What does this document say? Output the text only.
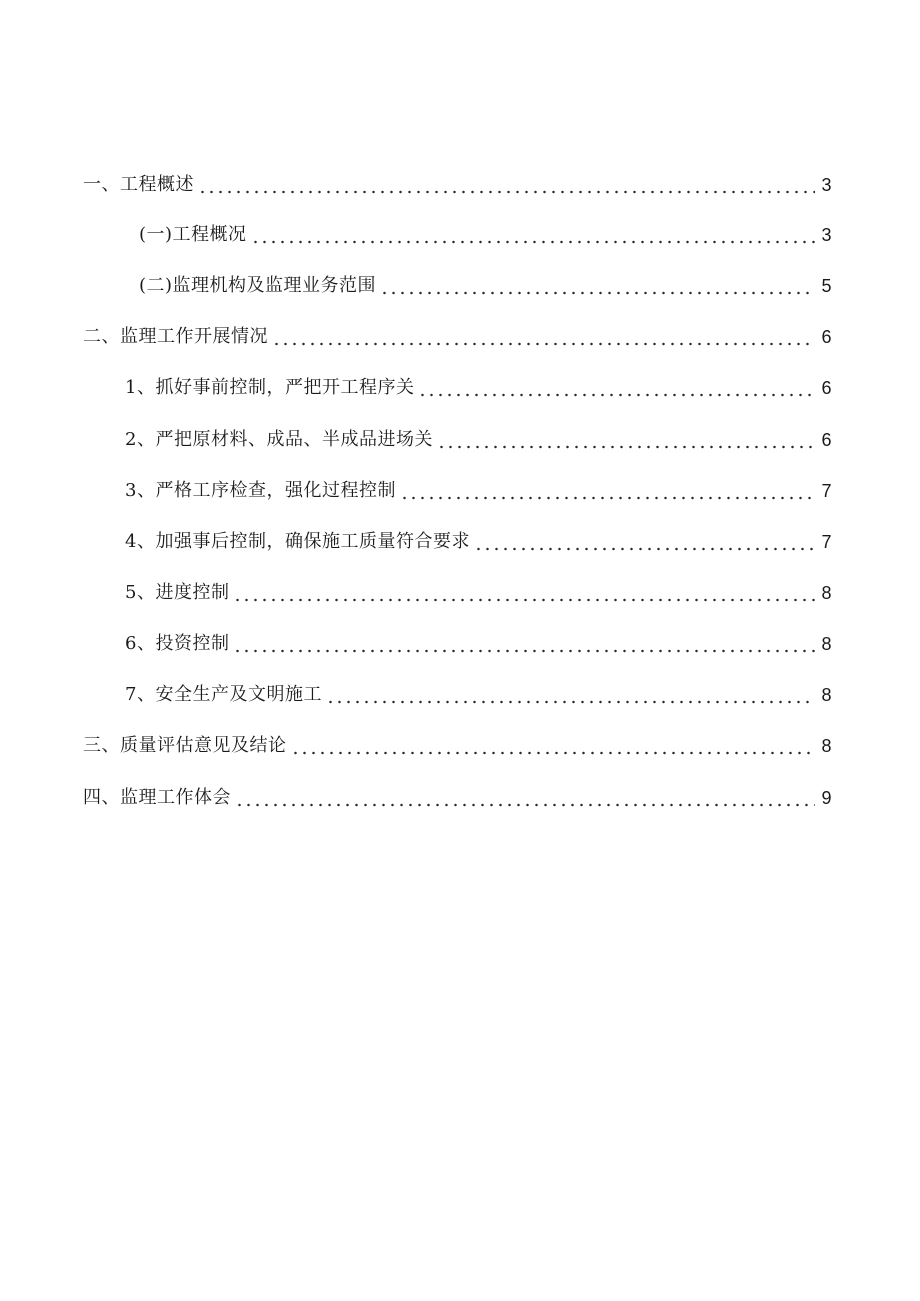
一、工程概述	3
(一)工程概况	3
(二)监理机构及监理业务范围	5
二、监理工作开展情况	6
1、抓好事前控制，严把开工程序关	6
2、严把原材料、成品、半成品进场关	6
3、严格工序检查，强化过程控制	7
4、加强事后控制，确保施工质量符合要求	7
5、进度控制	8
6、投资控制	8
7、安全生产及文明施工	8
三、质量评估意见及结论	8
四、监理工作体会	9
